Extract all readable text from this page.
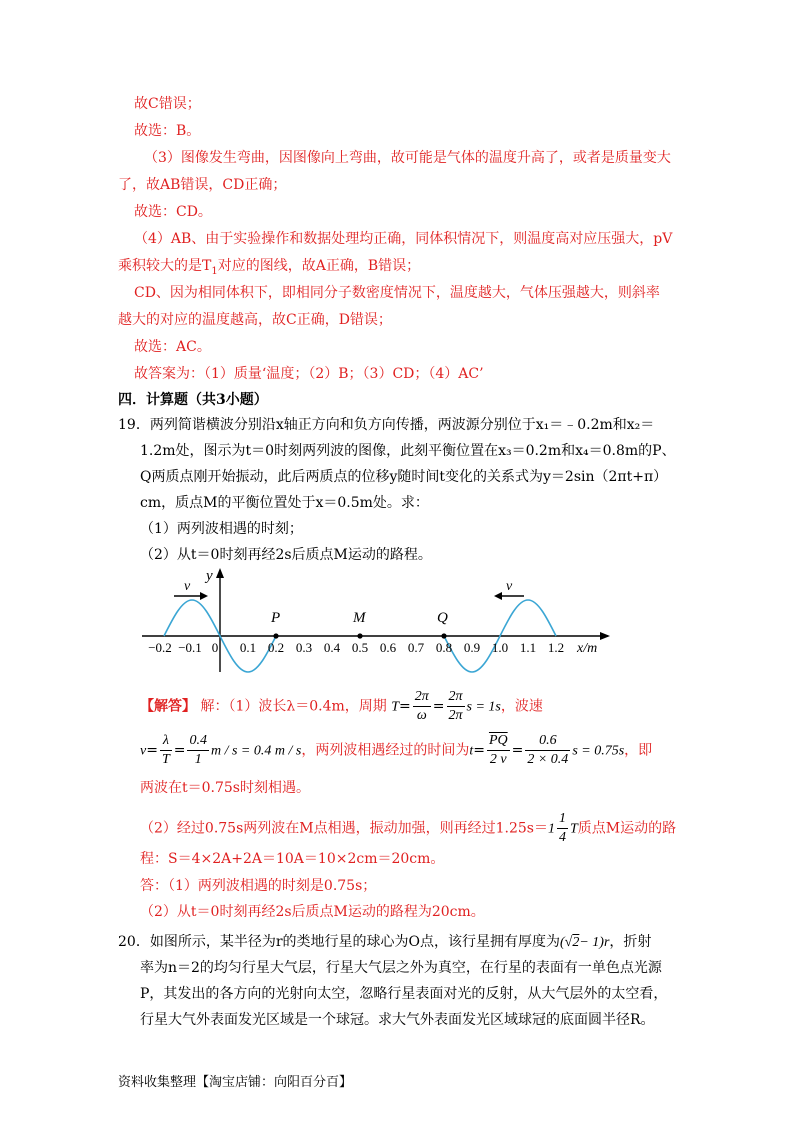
故C错误；
故选：B。
（3）图像发生弯曲，因图像向上弯曲，故可能是气体的温度升高了，或者是质量变大
了，故AB错误，CD正确；
故选：CD。
（4）AB、由于实验操作和数据处理均正确，同体积情况下，则温度高对应压强大，pV
乘积较大的是$T_1$对应的图线，故A正确，B错误；
CD、因为相同体积下，即相同分子数密度情况下，温度越大，气体压强越大，则斜率
越大的对应的温度越高，故C正确，D错误；
故选：AC。
故答案为：（1）质量‘温度；（2）B；（3）CD；（4）AC’
四．计算题（共3小题）
19．两列简谐横波分别沿x轴正方向和负方向传播，两波源分别位于x₁＝﹣0.2m和x₂＝
1.2m处，图示为t＝0时刻两列波的图像，此刻平衡位置在x₃＝0.2m和x₄＝0.8m的P、
Q两质点刚开始振动，此后两质点的位移y随时间t变化的关系式为y＝2sin（2πt+π）
cm，质点M的平衡位置处于x＝0.5m处。求：
（1）两列波相遇的时刻；
（2）从t＝0时刻再经2s后质点M运动的路程。
y
x/m
v	v
P	M	Q
−0.2 −0.1 0 0.1 0.2 0.3 0.4 0.5 0.6 0.7 0.8 0.9 1.0 1.1 1.2
【解答】 解：（1）波长λ＝0.4m，周期 $T= \frac{2\pi}{\omega} = \frac{2\pi}{2\pi}$ s = 1s，波速
$v= \frac{\lambda}{T} = \frac{0.4}{1}$ m / s = 0.4 m / s，两列波相遇经过的时间为$t= \frac{\overline{PQ}}{2 v} = \frac{0.6}{2 \times 0.4}$ s = 0.75s，即
两波在t＝0.75s时刻相遇。
（2）经过0.75s两列波在M点相遇，振动加强，则再经过$1.25s=1 \frac{1}{4}$ T质点M运动的路
程：S＝4×2A+2A＝10A＝10×2cm＝20cm。
答：（1）两列波相遇的时刻是0.75s；
（2）从t＝0时刻再经2s后质点M运动的路程为20cm。
20．如图所示，某半径为r的类地行星的球心为O点，该行星拥有厚度为(√2− 1)r，折射
率为n＝2的均匀行星大气层，行星大气层之外为真空，在行星的表面有一单色点光源
P，其发出的各方向的光射向太空，忽略行星表面对光的反射，从大气层外的太空看，
行星大气外表面发光区域是一个球冠。求大气外表面发光区域球冠的底面圆半径R。
资料收集整理【淘宝店铺：向阳百分百】
